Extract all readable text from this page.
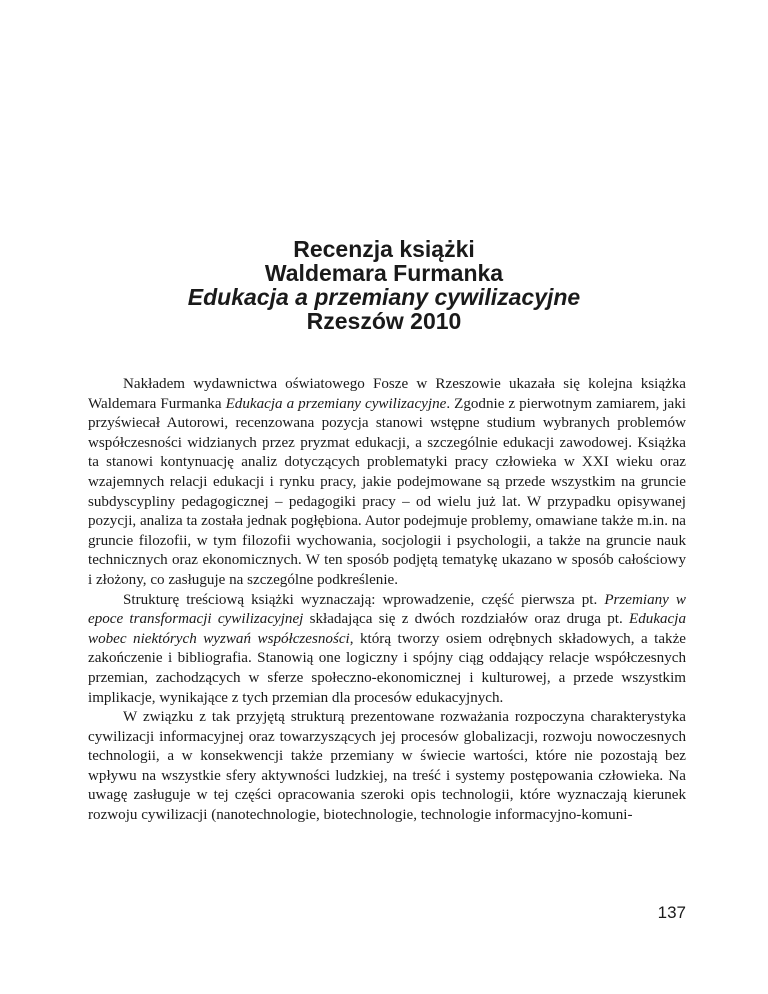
Recenzja książki
Waldemara Furmanka
Edukacja a przemiany cywilizacyjne
Rzeszów 2010

Nakładem wydawnictwa oświatowego Fosze w Rzeszowie ukazała się kolejna książka Waldemara Furmanka Edukacja a przemiany cywilizacyjne. Zgodnie z pierwotnym zamiarem, jaki przyświecał Autorowi, recenzowana pozycja stanowi wstępne studium wybranych problemów współczesności widzianych przez pryzmat edukacji, a szczególnie edukacji zawodowej. Książka ta stanowi kontynuację analiz dotyczących problematyki pracy człowieka w XXI wieku oraz wzajemnych relacji edukacji i rynku pracy, jakie podejmowane są przede wszystkim na gruncie subdyscypliny pedagogicznej – pedagogiki pracy – od wielu już lat. W przypadku opisywanej pozycji, analiza ta została jednak pogłębiona. Autor podejmuje problemy, omawiane także m.in. na gruncie filozofii, w tym filozofii wychowania, socjologii i psychologii, a także na gruncie nauk technicznych oraz ekonomicznych. W ten sposób podjętą tematykę ukazano w sposób całościowy i złożony, co zasługuje na szczególne podkreślenie.

Strukturę treściową książki wyznaczają: wprowadzenie, część pierwsza pt. Przemiany w epoce transformacji cywilizacyjnej składająca się z dwóch rozdziałów oraz druga pt. Edukacja wobec niektórych wyzwań współczesności, którą tworzy osiem odrębnych składowych, a także zakończenie i bibliografia. Stanowią one logiczny i spójny ciąg oddający relacje współczesnych przemian, zachodzących w sferze społeczno-ekonomicznej i kulturowej, a przede wszystkim implikacje, wynikające z tych przemian dla procesów edukacyjnych.

W związku z tak przyjętą strukturą prezentowane rozważania rozpoczyna charakterystyka cywilizacji informacyjnej oraz towarzyszących jej procesów globalizacji, rozwoju nowoczesnych technologii, a w konsekwencji także przemiany w świecie wartości, które nie pozostają bez wpływu na wszystkie sfery aktywności ludzkiej, na treść i systemy postępowania człowieka. Na uwagę zasługuje w tej części opracowania szeroki opis technologii, które wyznaczają kierunek rozwoju cywilizacji (nanotechnologie, biotechnologie, technologie informacyjno-komuni-

137
